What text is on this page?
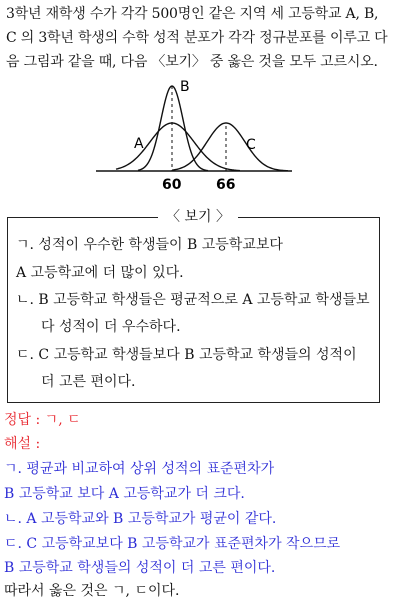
3학년 재학생 수가 각각 500명인 같은 지역 세 고등학교 A, B,
C 의 3학년 학생의 수학 성적 분포가 각각 정규분포를 이루고 다
음 그림과 같을 때, 다음 〈보기〉 중 옳은 것을 모두 고르시오.
B
A	C
60 66
〈 보기 〉
ㄱ. 성적이 우수한 학생들이 B 고등학교보다
A 고등학교에 더 많이 있다.
ㄴ. B 고등학교 학생들은 평균적으로 A 고등학교 학생들보
다 성적이 더 우수하다.
ㄷ. C 고등학교 학생들보다 B 고등학교 학생들의 성적이
더 고른 편이다.
정답 : ㄱ, ㄷ
해설 :
ㄱ. 평균과 비교하여 상위 성적의 표준편차가
B 고등학교 보다 A 고등학교가 더 크다.
ㄴ. A 고등학교와 B 고등학교가 평균이 같다.
ㄷ. C 고등학교보다 B 고등학교가 표준편차가 작으므로
B 고등학교 학생들의 성적이 더 고른 편이다.
따라서 옳은 것은 ㄱ, ㄷ이다.
